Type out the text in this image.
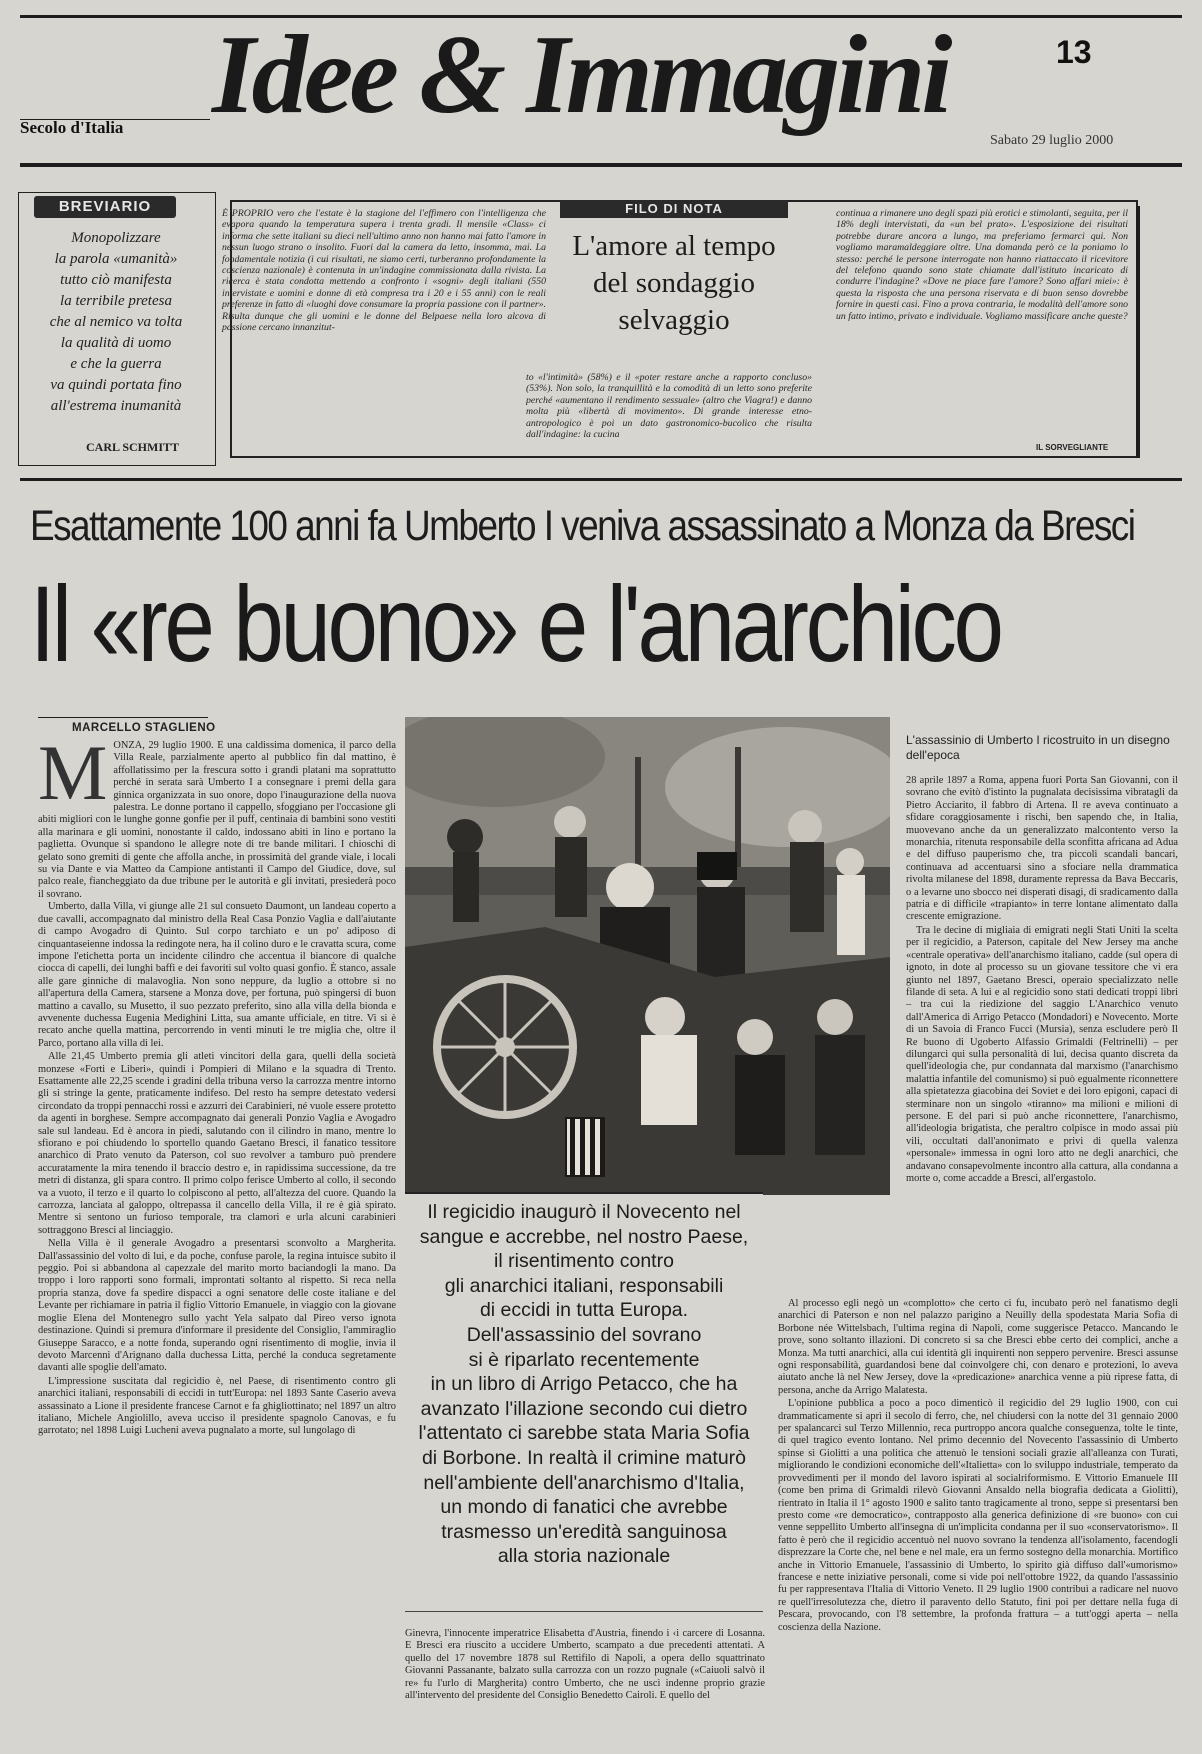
Idee & Immagini	13
Secolo d'Italia
Sabato 29 luglio 2000
BREVIARIO
Monopolizzare
la parola «umanità»
tutto ciò manifesta
la terribile pretesa
che al nemico va tolta
la qualità di uomo
e che la guerra
va quindi portata fino
all'estrema inumanità
CARL SCHMITT
FILO DI NOTA
L'amore al tempo del sondaggio selvaggio
È PROPRIO vero che l'estate è la stagione del l'effimero con l'intelligenza che evapora quando la temperatura supera i trenta gradi. Il mensile «Class» ci informa che sette italiani su dieci nell'ultimo anno non hanno mai fatto l'amore in nessun luogo strano o insolito. Fuori dal la camera da letto, insomma, mai. La fondamentale notizia (i cui risultati, ne siamo certi, turberanno profondamente la coscienza nazionale) è contenuta in un'indagine commissionata dalla rivista. La ricerca è stata condotta mettendo a confronto i «sogni» degli italiani (550 intervistate e uomini e donne di età compresa tra i 20 e i 55 anni) con le reali preferenze in fatto di «luoghi dove consumare la propria passione con il partner». Risulta dunque che gli uomini e le donne del Belpaese nella loro alcova di passione cercano innanzitut-
to «l'intimità» (58%) e il «poter restare anche a rapporto concluso» (53%). Non solo, la tranquillità e la comodità di un letto sono preferite perché «aumentano il rendimento sessuale» (altro che Viagra!) e danno molta più «libertà di movimento». Di grande interesse etno-antropologico è poi un dato gastronomico-bucolico che risulta dall'indagine: la cucina
continua a rimanere uno degli spazi più erotici e stimolanti, seguita, per il 18% degli intervistati, da «un bel prato». L'esposizione dei risultati potrebbe durare ancora a lungo, ma preferiamo fermarci qui. Non vogliamo maramaldeggiare oltre. Una domanda però ce la poniamo lo stesso: perché le persone interrogate non hanno riattaccato il ricevitore del telefono quando sono state chiamate dall'istituto incaricato di condurre l'indagine? «Dove ne piace fare l'amore? Sono affari miei»: è questa la risposta che una persona riservata e di buon senso dovrebbe fornire in questi casi. Fino a prova contraria, le modalità dell'amore sono un fatto intimo, privato e individuale. Vogliamo massificare anche queste?
IL SORVEGLIANTE
Esattamente 100 anni fa Umberto I veniva assassinato a Monza da Bresci
Il «re buono» e l'anarchico
MARCELLO STAGLIENO
M ONZA, 29 luglio 1900. È una caldissima domenica, il parco della Villa Reale, parzialmente aperto al pubblico fin dal mattino, è affollatissimo per la frescura sotto i grandi platani ma soprattutto perché in serata sarà Umberto I a consegnare i premi della gara ginnica organizzata in suo onore, dopo l'inaugurazione della nuova palestra. Le donne portano il cappello, sfoggiano per l'occasione gli abiti migliori con le lunghe gonne gonfie per il puff, centinaia di bambini sono vestiti alla marinara e gli uomini, nonostante il caldo, indossano abiti in lino e portano la paglietta. Ovunque si spandono le allegre note di tre bande militari. I chioschi di gelato sono gremiti di gente che affolla anche, in prossimità del grande viale, i locali su via Dante e via Matteo da Campione antistanti il Campo del Giudice, dove, sul palco reale, fiancheggiato da due tribune per le autorità e gli invitati, presiederà poco il sovrano.

Umberto, dalla Villa, vi giunge alle 21 sul consueto Daumont, un landeau coperto a due cavalli, accompagnato dal ministro della Real Casa Ponzio Vaglia e dall'aiutante di campo Avogadro di Quinto. Sul corpo tarchiato e un po' adiposo di cinquantaseienne indossa la redingote nera, ha il colino duro e le cravatta scura, come impone l'etichetta porta un incidente cilindro che accentua il biancore di qualche ciocca di capelli, dei lunghi baffi e dei favoriti sul volto quasi gonfio. È stanco, assale alle gare ginniche di malavoglia. Non sono neppure, da luglio a ottobre si no all'apertura della Camera, starsene a Monza dove, per fortuna, può spingersi di buon mattino a cavallo, su Musetto, il suo pezzato preferito, sino alla villa della bionda e avvenente duchessa Eugenia Medighini Litta, sua amante ufficiale, en titre. Vi si è recato anche quella mattina, percorrendo in venti minuti le tre miglia che, oltre il Parco, portano alla villa di lei.

Alle 21,45 Umberto premia gli atleti vincitori della gara, quelli della società monzese «Forti e Liberi», quindi i Pompieri di Milano e la squadra di Trento. Esattamente alle 22,25 scende i gradini della tribuna verso la carrozza mentre intorno gli si stringe la gente, praticamente indifeso. Del resto ha sempre detestato vedersi circondato da troppi pennacchi rossi e azzurri dei Carabinieri, né vuole essere protetto da agenti in borghese. Sempre accompagnato dai generali Ponzio Vaglia e Avogadro sale sul landeau. Ed è ancora in piedi, salutando con il cilindro in mano, mentre lo sfiorano e poi chiudendo lo sportello quando Gaetano Bresci, il fanatico tessitore anarchico di Prato venuto da Paterson, col suo revolver a tamburo può prendere accuratamente la mira tenendo il braccio destro e, in rapidissima successione, da tre metri di distanza, gli spara contro. Il primo colpo ferisce Umberto al collo, il secondo va a vuoto, il terzo e il quarto lo colpiscono al petto, all'altezza del cuore. Quando la carrozza, lanciata al galoppo, oltrepassa il cancello della Villa, il re è già spirato. Mentre si sentono un furioso temporale, tra clamori e urla alcuni carabinieri sottraggono Bresci al linciaggio.

Nella Villa è il generale Avogadro a presentarsi sconvolto a Margherita. Dall'assassinio del volto di lui, e da poche, confuse parole, la regina intuisce subito il peggio. Poi si abbandona al capezzale del marito morto baciandogli la mano. Da troppo i loro rapporti sono formali, improntati soltanto al rispetto. Si reca nella propria stanza, dove fa spedire dispacci a ogni senatore delle coste italiane e del Levante per richiamare in patria il figlio Vittorio Emanuele, in viaggio con la giovane moglie Elena del Montenegro sullo yacht Yela salpato dal Pireo verso ignota destinazione. Quindi si premura d'informare il presidente del Consiglio, l'ammiraglio Giuseppe Saracco, e a notte fonda, superando ogni risentimento di moglie, invia il devoto Marcenni d'Arignano dalla duchessa Litta, perché la conduca segretamente davanti alle spoglie dell'amato.

L'impressione suscitata dal regicidio è, nel Paese, di risentimento contro gli anarchici italiani, responsabili di eccidi in tutt'Europa: nel 1893 Sante Caserio aveva assassinato a Lione il presidente francese Carnot e fa ghigliottinato; nel 1897 un altro italiano, Michele Angiolillo, aveva ucciso il presidente spagnolo Canovas, e fu garrotato; nel 1898 Luigi Lucheni aveva pugnalato a morte, sul lungolago di

L'assassinio di Umberto I ricostruito in un disegno dell'epoca

28 aprile 1897 a Roma, appena fuori Porta San Giovanni, con il sovrano che evitò d'istinto la pugnalata decisissima vibratagli da Pietro Acciarito, il fabbro di Artena. Il re aveva continuato a sfidare coraggiosamente i rischi, ben sapendo che, in Italia, muovevano anche da un generalizzato malcontento verso la monarchia, ritenuta responsabile della sconfitta africana ad Adua e del diffuso pauperismo che, tra piccoli scandali bancari, continuava ad accentuarsi sino a sfociare nella drammatica rivolta milanese del 1898, duramente repressa da Bava Beccaris, o a levarne uno sbocco nei disperati disagi, di sradicamento dalla patria e di difficile «trapianto» in terre lontane alimentato dalla crescente emigrazione.

Tra le decine di migliaia di emigrati negli Stati Uniti la scelta per il regicidio, a Paterson, capitale del New Jersey ma anche «centrale operativa» dell'anarchismo italiano, cadde (sul opera di ignoto, in dote al processo su un giovane tessitore che vi era giunto nel 1897, Gaetano Bresci, operaio specializzato nelle filande di seta. A lui e al regicidio sono stati dedicati troppi libri – tra cui la riedizione del saggio L'Anarchico venuto dall'America di Arrigo Petacco (Mondadori) e Novecento. Morte di un Savoia di Franco Fucci (Mursia), senza escludere però Il Re buono di Ugoberto Alfassio Grimaldi (Feltrinelli) – per dilungarci qui sulla personalità di lui, decisa quanto discreta da quell'ideologia che, pur condannata dal marxismo (l'anarchismo malattia infantile del comunismo) si può egualmente riconnettere alla spietatezza giacobina dei Soviet e dei loro epigoni, capaci di sterminare non un singolo «tiranno» ma milioni e milioni di persone. E del pari si può anche riconnettere, l'anarchismo, all'ideologia brigatista, che peraltro colpisce in modo assai più vili, occultati dall'anonimato e privi di quella valenza «personale» immessa in ogni loro atto ne degli anarchici, che andavano consapevolmente incontro alla cattura, alla condanna a morte o, come accadde a Bresci, all'ergastolo.

Al processo egli negò un «complotto» che certo ci fu, incubato però nel fanatismo degli anarchici di Paterson e non nel palazzo parigino a Neuilly della spodestata Maria Sofia di Borbone née Wittelsbach, l'ultima regina di Napoli, come suggerisce Petacco. Mancando le prove, sono soltanto illazioni. Di concreto si sa che Bresci ebbe certo dei complici, anche a Monza. Ma tutti anarchici, alla cui identità gli inquirenti non seppero pervenire. Bresci assunse ogni responsabilità, guardandosi bene dal coinvolgere chi, con denaro e protezioni, lo aveva aiutato anche là nel New Jersey, dove la «predicazione» anarchica venne a più riprese fatta, di persona, anche da Arrigo Malatesta.

L'opinione pubblica a poco a poco dimenticò il regicidio del 29 luglio 1900, con cui drammaticamente si aprì il secolo di ferro, che, nel chiudersi con la notte del 31 gennaio 2000 per spalancarci sul Terzo Millennio, reca purtroppo ancora qualche conseguenza, tolte le tinte, di quel tragico evento lontano. Nel primo decennio del Novecento l'assassinio di Umberto spinse sì Giolitti a una politica che attenuò le tensioni sociali grazie all'alleanza con Turati, migliorando le condizioni economiche dell'«Italietta» con lo sviluppo industriale, temperato da provvedimenti per il mondo del lavoro ispirati al socialriformismo. E Vittorio Emanuele III (come ben prima di Grimaldi rilevò Giovanni Ansaldo nella biografia dedicata a Giolitti), rientrato in Italia il 1° agosto 1900 e salito tanto tragicamente al trono, seppe sì presentarsi ben presto come «re democratico», contrapposto alla generica definizione di «re buono» con cui venne seppellito Umberto all'insegna di un'implicita condanna per il suo «conservatorismo». Il fatto è però che il regicidio accentuò nel nuovo sovrano la tendenza all'isolamento, facendogli disprezzare la Corte che, nel bene e nel male, era un fermo sostegno della monarchia. Mortifico anche in Vittorio Emanuele, l'assassinio di Umberto, lo spirito già diffuso dall'«umorismo» francese e nette iniziative personali, come si vide poi nell'ottobre 1922, da quando l'assassinio fu per rappresentava l'Italia di Vittorio Veneto. Il 29 luglio 1900 contribuì a radicare nel nuovo re quell'irresolutezza che, dietro il paravento dello Statuto, finì poi per dettare nella fuga di Pescara, provocando, con l'8 settembre, la profonda frattura – a tutt'oggi aperta – nella coscienza della Nazione.

Il regicidio inaugurò il Novecento nel
sangue e accrebbe, nel nostro Paese,
il risentimento contro
gli anarchici italiani, responsabili
di eccidi in tutta Europa.
Dell'assassinio del sovrano
si è riparlato recentemente
in un libro di Arrigo Petacco, che ha
avanzato l'illazione secondo cui dietro
l'attentato ci sarebbe stata Maria Sofia
di Borbone. In realtà il crimine maturò
nell'ambiente dell'anarchismo d'Italia,
un mondo di fanatici che avrebbe
trasmesso un'eredità sanguinosa
alla storia nazionale
Ginevra, l'innocente imperatrice Elisabetta d'Austria, finendo i ‹i carcere di Losanna. E Bresci era riuscito a uccidere Umberto, scampato a due precedenti attentati. A quello del 17 novembre 1878 sul Rettifilo di Napoli, a opera dello squattrinato Giovanni Passanante, balzato sulla carrozza con un rozzo pugnale («Caiuoli salvò il re» fu l'urlo di Margherita) contro Umberto, che ne uscì indenne proprio grazie all'intervento del presidente del Consiglio Benedetto Cairoli. E quello del
